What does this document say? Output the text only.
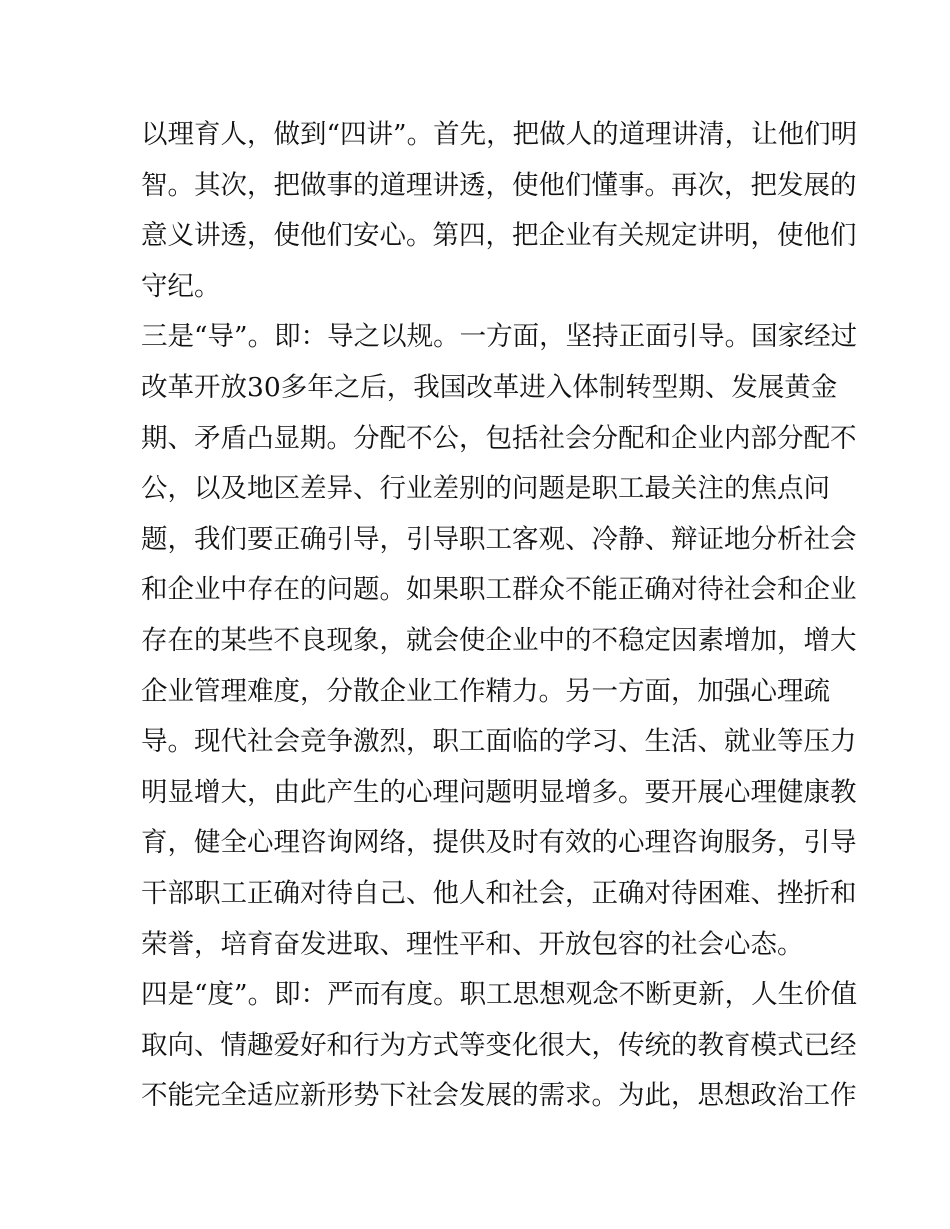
以理育人，做到“四讲”。首先，把做人的道理讲清，让他们明
智。其次，把做事的道理讲透，使他们懂事。再次，把发展的
意义讲透，使他们安心。第四，把企业有关规定讲明，使他们
守纪。
三是“导”。即：导之以规。一方面，坚持正面引导。国家经过
改革开放30多年之后，我国改革进入体制转型期、发展黄金
期、矛盾凸显期。分配不公，包括社会分配和企业内部分配不
公，以及地区差异、行业差别的问题是职工最关注的焦点问
题，我们要正确引导，引导职工客观、冷静、辩证地分析社会
和企业中存在的问题。如果职工群众不能正确对待社会和企业
存在的某些不良现象，就会使企业中的不稳定因素增加，增大
企业管理难度，分散企业工作精力。另一方面，加强心理疏
导。现代社会竞争激烈，职工面临的学习、生活、就业等压力
明显增大，由此产生的心理问题明显增多。要开展心理健康教
育，健全心理咨询网络，提供及时有效的心理咨询服务，引导
干部职工正确对待自己、他人和社会，正确对待困难、挫折和
荣誉，培育奋发进取、理性平和、开放包容的社会心态。
四是“度”。即：严而有度。职工思想观念不断更新，人生价值
取向、情趣爱好和行为方式等变化很大，传统的教育模式已经
不能完全适应新形势下社会发展的需求。为此，思想政治工作
